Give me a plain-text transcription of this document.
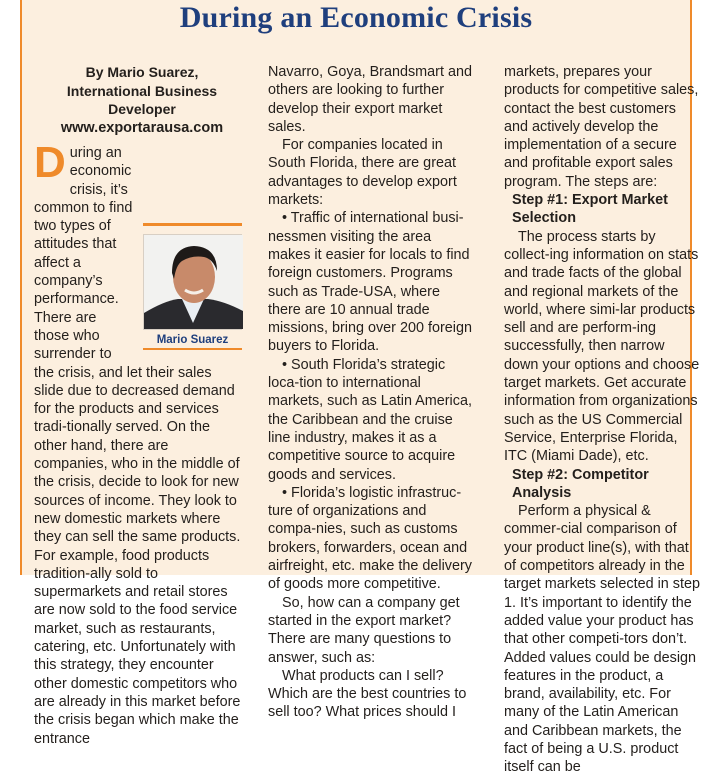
During an Economic Crisis
By Mario Suarez,
International Business Developer
www.exportarausa.com
Mario Suarez

During an economic crisis, it’s common to find two types of attitudes that affect a company’s performance. There are those who surrender to the crisis, and let their sales slide due to decreased demand for the products and services tradi-tionally served. On the other hand, there are companies, who in the middle of the crisis, decide to look for new sources of income. They look to new domestic markets where they can sell the same products. For example, food products tradition-ally sold to supermarkets and retail stores are now sold to the food service market, such as restaurants, catering, etc. Unfortunately with this strategy, they encounter other domestic competitors who are already in this market before the crisis began which make the entrance

Navarro, Goya, Brandsmart and others are looking to further develop their export market sales.

For companies located in South Florida, there are great advantages to develop export markets:

• Traffic of international busi-nessmen visiting the area makes it easier for locals to find foreign customers. Programs such as Trade-USA, where there are 10 annual trade missions, bring over 200 foreign buyers to Florida.

• South Florida’s strategic loca-tion to international markets, such as Latin America, the Caribbean and the cruise line industry, makes it as a competitive source to acquire goods and services.

• Florida’s logistic infrastruc-ture of organizations and compa-nies, such as customs brokers, forwarders, ocean and airfreight, etc. make the delivery of goods more competitive.

So, how can a company get started in the export market? There are many questions to answer, such as:

What products can I sell? Which are the best countries to sell too? What prices should I

markets, prepares your products for competitive sales, contact the best customers and actively develop the implementation of a secure and profitable export sales program. The steps are:

Step #1: Export Market Selection

The process starts by collect-ing information on stats and trade facts of the global and regional markets of the world, where simi-lar products sell and are perform-ing successfully, then narrow down your options and choose target markets. Get accurate information from organizations such as the US Commercial Service, Enterprise Florida, ITC (Miami Dade), etc.

Step #2: Competitor Analysis

Perform a physical & commer-cial comparison of your product line(s), with that of competitors already in the target markets selected in step 1. It’s important to identify the added value your product has that other competi-tors don’t. Added values could be design features in the product, a brand, availability, etc. For many of the Latin American and Caribbean markets, the fact of being a U.S. product itself can be
